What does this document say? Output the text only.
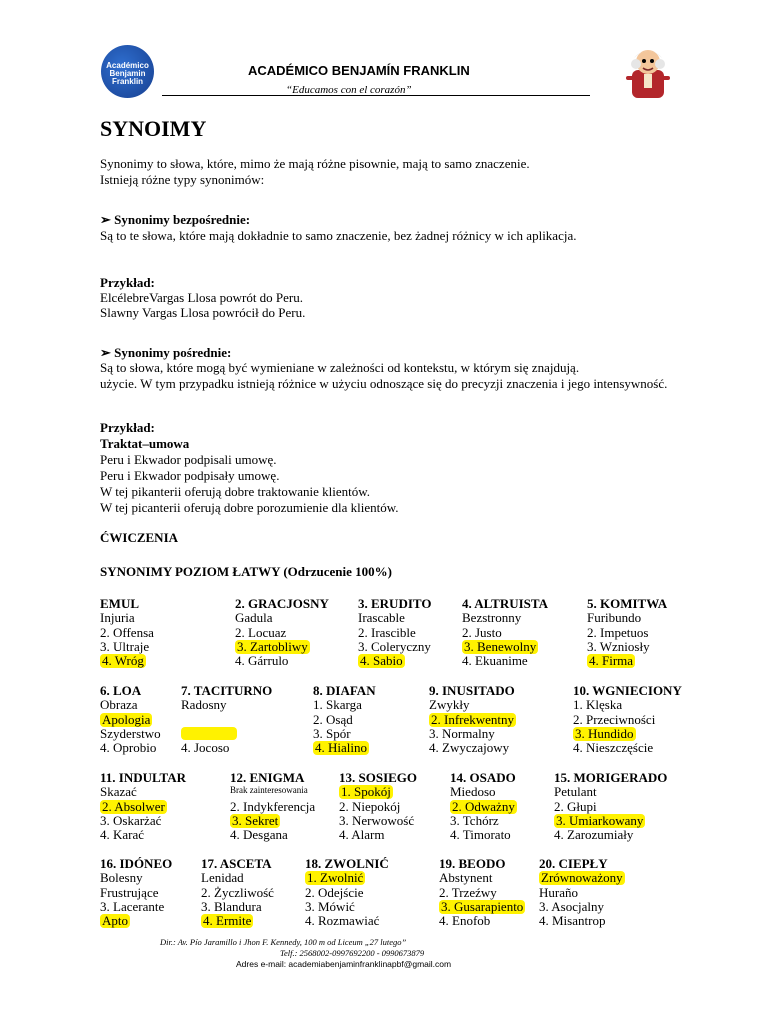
Académico
Benjamin
Franklin
ACADÉMICO BENJAMÍN FRANKLIN
“Educamos con el corazón”
SYNOIMY
Synonimy to słowa, które, mimo że mają różne pisownie, mają to samo znaczenie. Istnieją różne typy synonimów:
➢ Synonimy bezpośrednie:
Są to te słowa, które mają dokładnie to samo znaczenie, bez żadnej różnicy w ich aplikacja.
Przykład:
ElcélebreVargas Llosa powrót do Peru.
Slawny Vargas Llosa powrócił do Peru.
➢ Synonimy pośrednie:
Są to słowa, które mogą być wymieniane w zależności od kontekstu, w którym się znajdują.
użycie. W tym przypadku istnieją różnice w użyciu odnoszące się do precyzji znaczenia i jego intensywność.
Przykład:
Traktat–umowa
Peru i Ekwador podpisali umowę.
Peru i Ekwador podpisały umowę.
W tej pikanterii oferują dobre traktowanie klientów.
W tej picanterii oferują dobre porozumienie dla klientów.
ĆWICZENIA
SYNONIMY POZIOM ŁATWY (Odrzucenie 100%)
EMUL
Injuria
2. Offensa
3. Ultraje
4. Wróg
2. GRACJOSNY
Gadula
2. Locuaz
3. Zartobliwy
4. Gárrulo
3. ERUDITO
Irascable
2. Irascible
3. Coleryczny
4. Sabio
4. ALTRUISTA
Bezstronny
2. Justo
3. Benewolny
4. Ekuanime
5. KOMITWA
Furibundo
2. Impetuos
3. Wzniosły
4. Firma
6. LOA
Obraza
Apologia
Szyderstwo
4. Oprobio
7. TACITURNO
Radosny
4. Jocoso
8. DIAFAN
1. Skarga
2. Osąd
3. Spór
4. Hialino
9. INUSITADO
Zwykły
2. Infrekwentny
3. Normalny
4. Zwyczajowy
10. WGNIECIONY
1. Klęska
2. Przeciwności
3. Hundido
4. Nieszczęście
11. INDULTAR
Skazać
2. Absolwer
3. Oskarżać
4. Karać
12. ENIGMA
Brak zainteresowania
2. Indykferencja
3. Sekret
4. Desgana
13. SOSIEGO
1. Spokój
2. Niepokój
3. Nerwowość
4. Alarm
14. OSADO
Miedoso
2. Odważny
3. Tchórz
4. Timorato
15. MORIGERADO
Petulant
2. Głupi
3. Umiarkowany
4. Zarozumiały
16. IDÓNEO
Bolesny
Frustrujące
3. Lacerante
Apto
17. ASCETA
Lenidad
2. Życzliwość
3. Blandura
4. Ermite
18. ZWOLNIĆ
1. Zwolnić
2. Odejście
3. Mówić
4. Rozmawiać
19. BEODO
Abstynent
2. Trzeźwy
3. Gusarapiento
4. Enofob
20. CIEPŁY
Zrównoważony
Huraño
3. Asocjalny
4. Misantrop
Dir.: Av. Pío Jaramillo i Jhon F. Kennedy, 100 m od Liceum „27 lutego”
Telf.: 2568002-0997692200 - 0990673879
Adres e-mail: academiabenjaminfranklinapbf@gmail.com
